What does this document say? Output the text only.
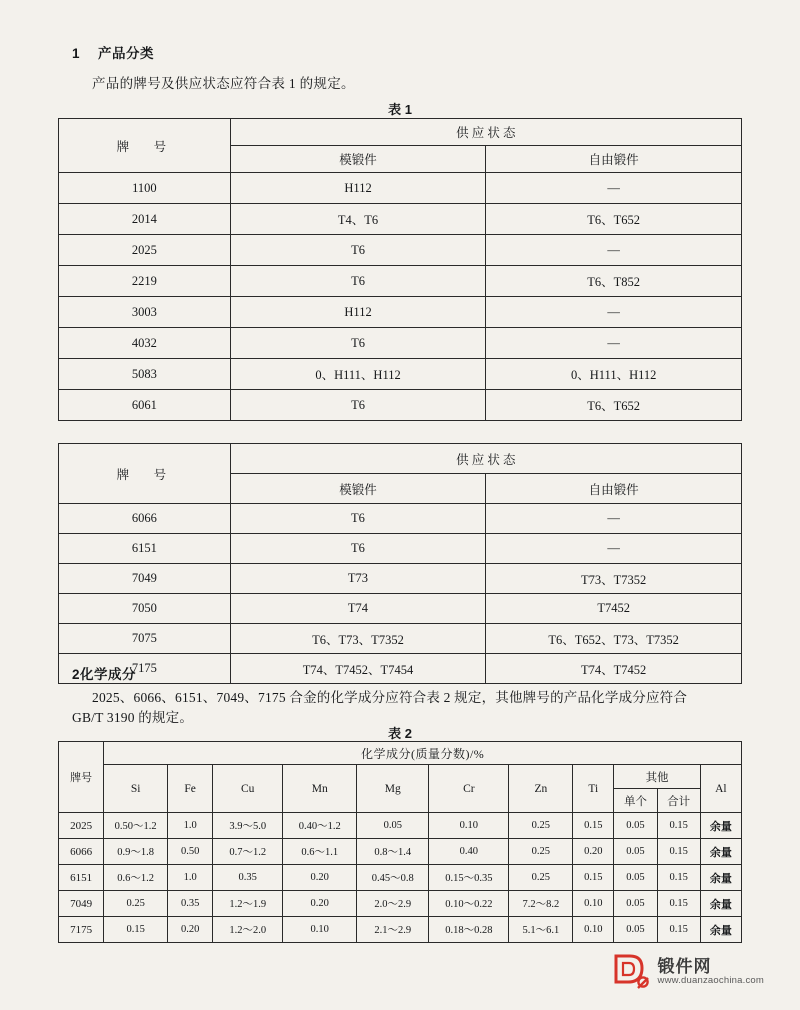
1 产品分类
产品的牌号及供应状态应符合表 1 的规定。
表 1
牌　号	供 应 状 态	
	模锻件	自由锻件
1100	H112	—
2014	T4、T6	T6、T652
2025	T6	—
2219	T6	T6、T852
3003	H112	—
4032	T6	—
5083	0、H111、H112	0、H111、H112
6061	T6	T6、T652
牌　号	供 应 状 态	
	模锻件	自由锻件
6066	T6	—
6151	T6	—
7049	T73	T73、T7352
7050	T74	T7452
7075	T6、T73、T7352	T6、T652、T73、T7352
7175	T74、T7452、T7454	T74、T7452
2化学成分
2025、6066、6151、7049、7175 合金的化学成分应符合表 2 规定，其他牌号的产品化学成分应符合
GB/T 3190 的规定。
表 2
牌号	化学成分(质量分数)/%										
	Si	Fe	Cu	Mn	Mg	Cr	Zn	Ti	其他		Al
									单个	合计	
2025	0.50～1.2	1.0	3.9～5.0	0.40～1.2	0.05	0.10	0.25	0.15	0.05	0.15	余量
6066	0.9～1.8	0.50	0.7～1.2	0.6～1.1	0.8～1.4	0.40	0.25	0.20	0.05	0.15	余量
6151	0.6～1.2	1.0	0.35	0.20	0.45～0.8	0.15～0.35	0.25	0.15	0.05	0.15	余量
7049	0.25	0.35	1.2～1.9	0.20	2.0～2.9	0.10～0.22	7.2～8.2	0.10	0.05	0.15	余量
7175	0.15	0.20	1.2～2.0	0.10	2.1～2.9	0.18～0.28	5.1～6.1	0.10	0.05	0.15	余量
锻件网
www.duanzaochina.com
